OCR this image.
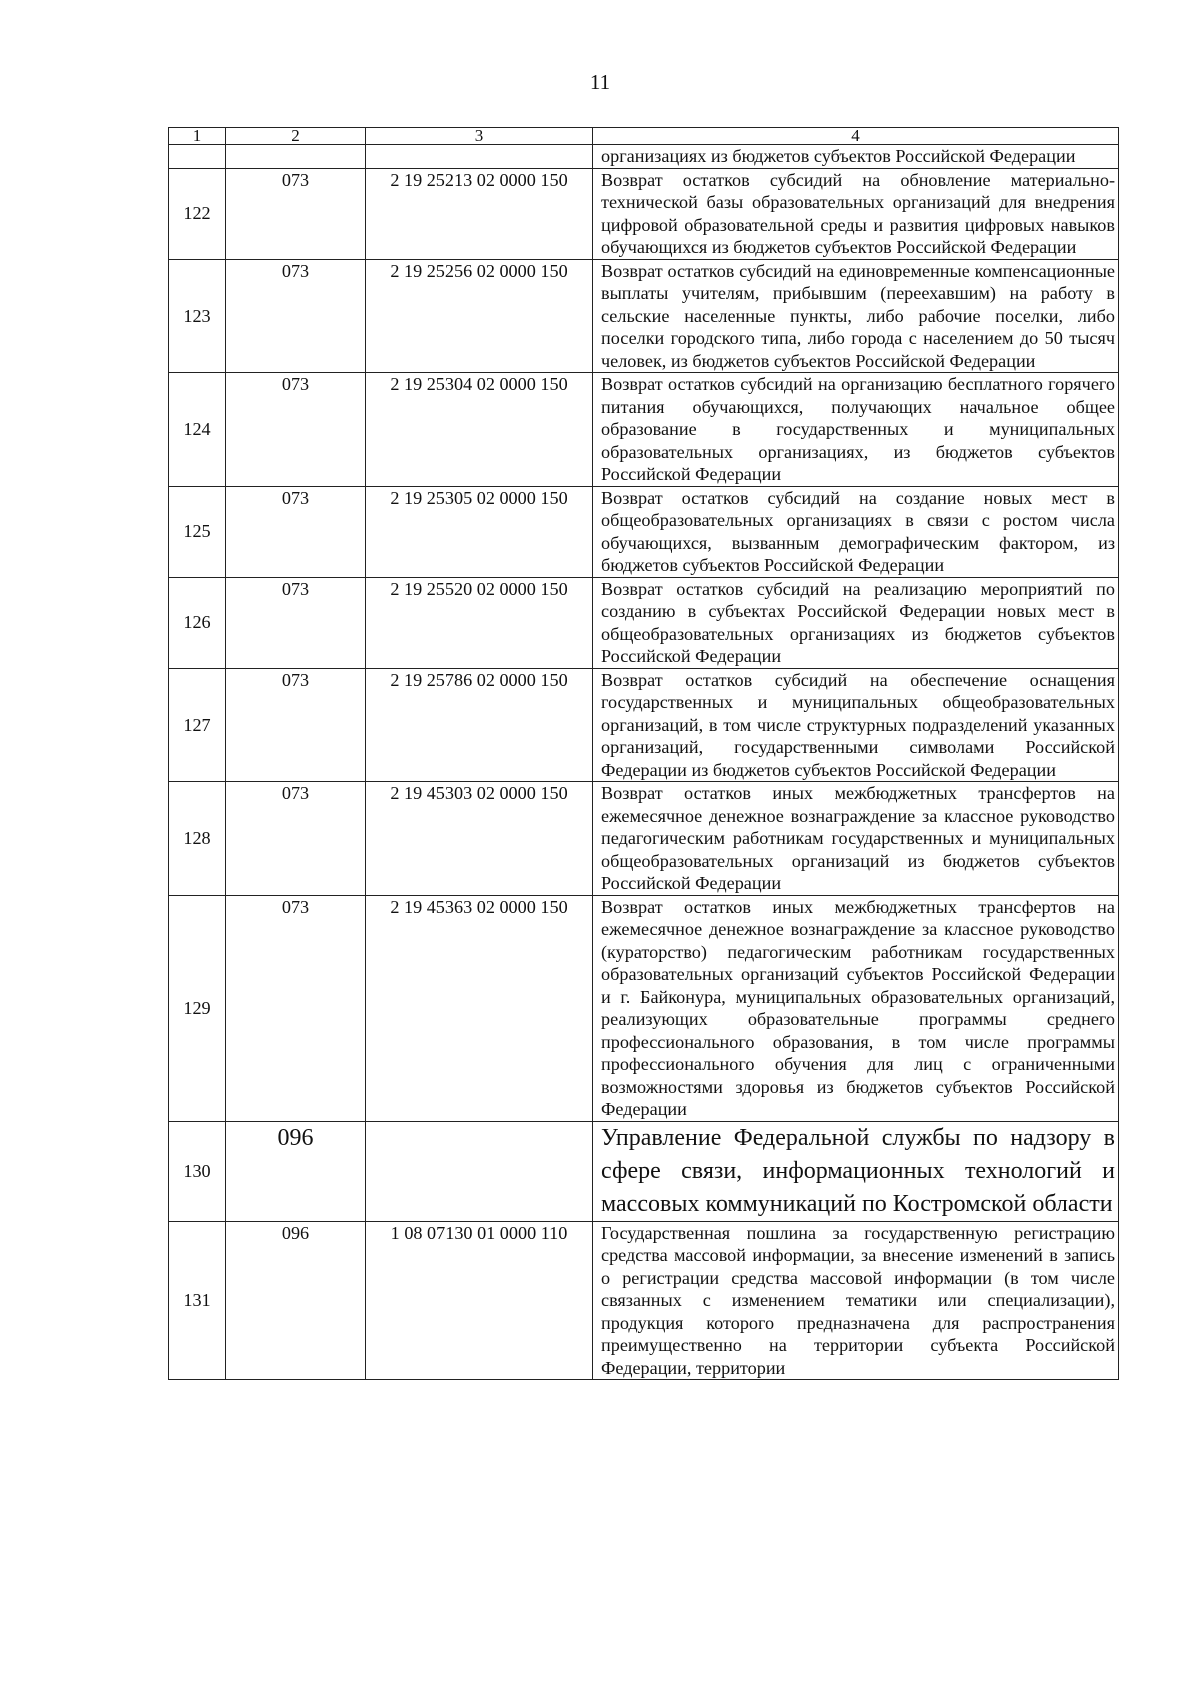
11
1	2	3	4
			организациях из бюджетов субъектов Российской Федерации
122	073	2 19 25213 02 0000 150	Возврат остатков субсидий на обновление материально-технической базы образовательных организаций для внедрения цифровой образовательной среды и развития цифровых навыков обучающихся из бюджетов субъектов Российской Федерации
123	073	2 19 25256 02 0000 150	Возврат остатков субсидий на единовременные компенсационные выплаты учителям, прибывшим (переехавшим) на работу в сельские населенные пункты, либо рабочие поселки, либо поселки городского типа, либо города с населением до 50 тысяч человек, из бюджетов субъектов Российской Федерации
124	073	2 19 25304 02 0000 150	Возврат остатков субсидий на организацию бесплатного горячего питания обучающихся, получающих начальное общее образование в государственных и муниципальных образовательных организациях, из бюджетов субъектов Российской Федерации
125	073	2 19 25305 02 0000 150	Возврат остатков субсидий на создание новых мест в общеобразовательных организациях в связи с ростом числа обучающихся, вызванным демографическим фактором, из бюджетов субъектов Российской Федерации
126	073	2 19 25520 02 0000 150	Возврат остатков субсидий на реализацию мероприятий по созданию в субъектах Российской Федерации новых мест в общеобразовательных организациях из бюджетов субъектов Российской Федерации
127	073	2 19 25786 02 0000 150	Возврат остатков субсидий на обеспечение оснащения государственных и муниципальных общеобразовательных организаций, в том числе структурных подразделений указанных организаций, государственными символами Российской Федерации из бюджетов субъектов Российской Федерации
128	073	2 19 45303 02 0000 150	Возврат остатков иных межбюджетных трансфертов на ежемесячное денежное вознаграждение за классное руководство педагогическим работникам государственных и муниципальных общеобразовательных организаций из бюджетов субъектов Российской Федерации
129	073	2 19 45363 02 0000 150	Возврат остатков иных межбюджетных трансфертов на ежемесячное денежное вознаграждение за классное руководство (кураторство) педагогическим работникам государственных образовательных организаций субъектов Российской Федерации и г. Байконура, муниципальных образовательных организаций, реализующих образовательные программы среднего профессионального образования, в том числе программы профессионального обучения для лиц с ограниченными возможностями здоровья из бюджетов субъектов Российской Федерации
130	096		Управление Федеральной службы по надзору в сфере связи, информационных технологий и массовых коммуникаций по Костромской области
131	096	1 08 07130 01 0000 110	Государственная пошлина за государственную регистрацию средства массовой информации, за внесение изменений в запись о регистрации средства массовой информации (в том числе связанных с изменением тематики или специализации), продукция которого предназначена для распространения преимущественно на территории субъекта Российской Федерации, территории
